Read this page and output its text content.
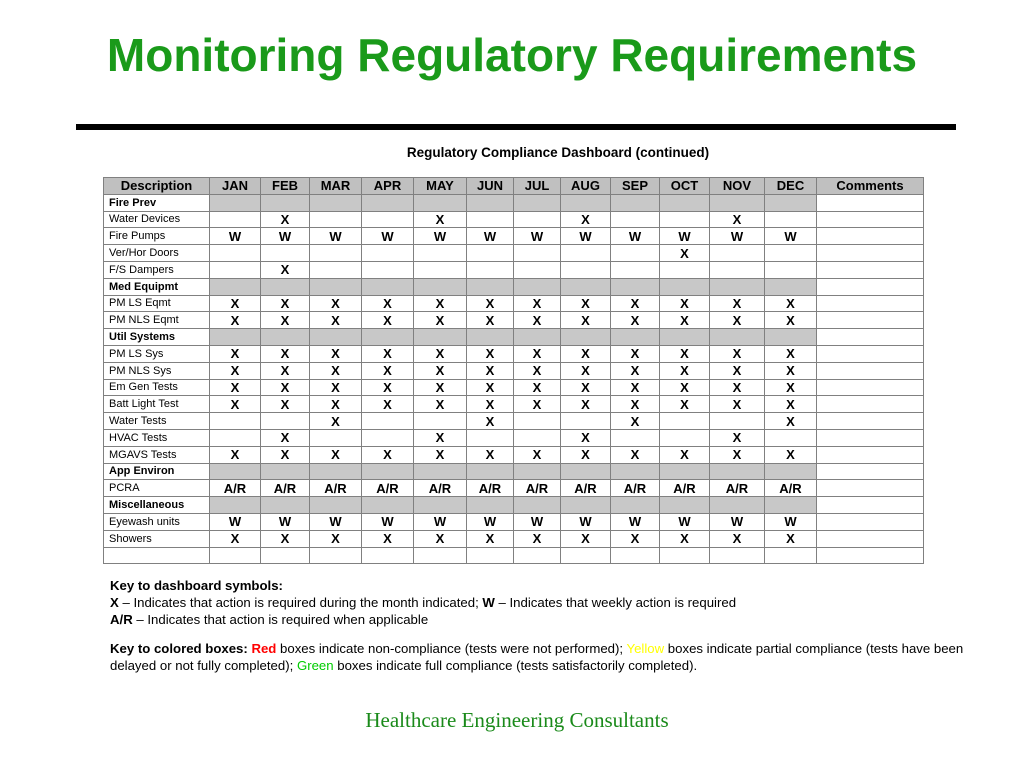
Monitoring Regulatory Requirements
Regulatory Compliance Dashboard (continued)
Description	JAN	FEB	MAR	APR	MAY	JUN	JUL	AUG	SEP	OCT	NOV	DEC	Comments
Fire Prev													
Water Devices		X			X			X			X		
Fire Pumps	W	W	W	W	W	W	W	W	W	W	W	W	
Ver/Hor Doors										X			
F/S Dampers		X											
Med Equipmt													
PM LS Eqmt	X	X	X	X	X	X	X	X	X	X	X	X	
PM NLS Eqmt	X	X	X	X	X	X	X	X	X	X	X	X	
Util Systems													
PM LS Sys	X	X	X	X	X	X	X	X	X	X	X	X	
PM NLS Sys	X	X	X	X	X	X	X	X	X	X	X	X	
Em Gen Tests	X	X	X	X	X	X	X	X	X	X	X	X	
Batt Light Test	X	X	X	X	X	X	X	X	X	X	X	X	
Water Tests			X			X			X			X	
HVAC Tests		X			X			X			X		
MGAVS Tests	X	X	X	X	X	X	X	X	X	X	X	X	
App Environ													
PCRA	A/R	A/R	A/R	A/R	A/R	A/R	A/R	A/R	A/R	A/R	A/R	A/R	
Miscellaneous													
Eyewash units	W	W	W	W	W	W	W	W	W	W	W	W	
Showers	X	X	X	X	X	X	X	X	X	X	X	X	

Key to dashboard symbols:

X – Indicates that action is required during the month indicated; W – Indicates that weekly action is required

A/R – Indicates that action is required when applicable

Key to colored boxes: Red boxes indicate non-compliance (tests were not performed); Yellow boxes indicate partial compliance (tests have been delayed or not fully completed); Green boxes indicate full compliance (tests satisfactorily completed).

Healthcare Engineering Consultants
